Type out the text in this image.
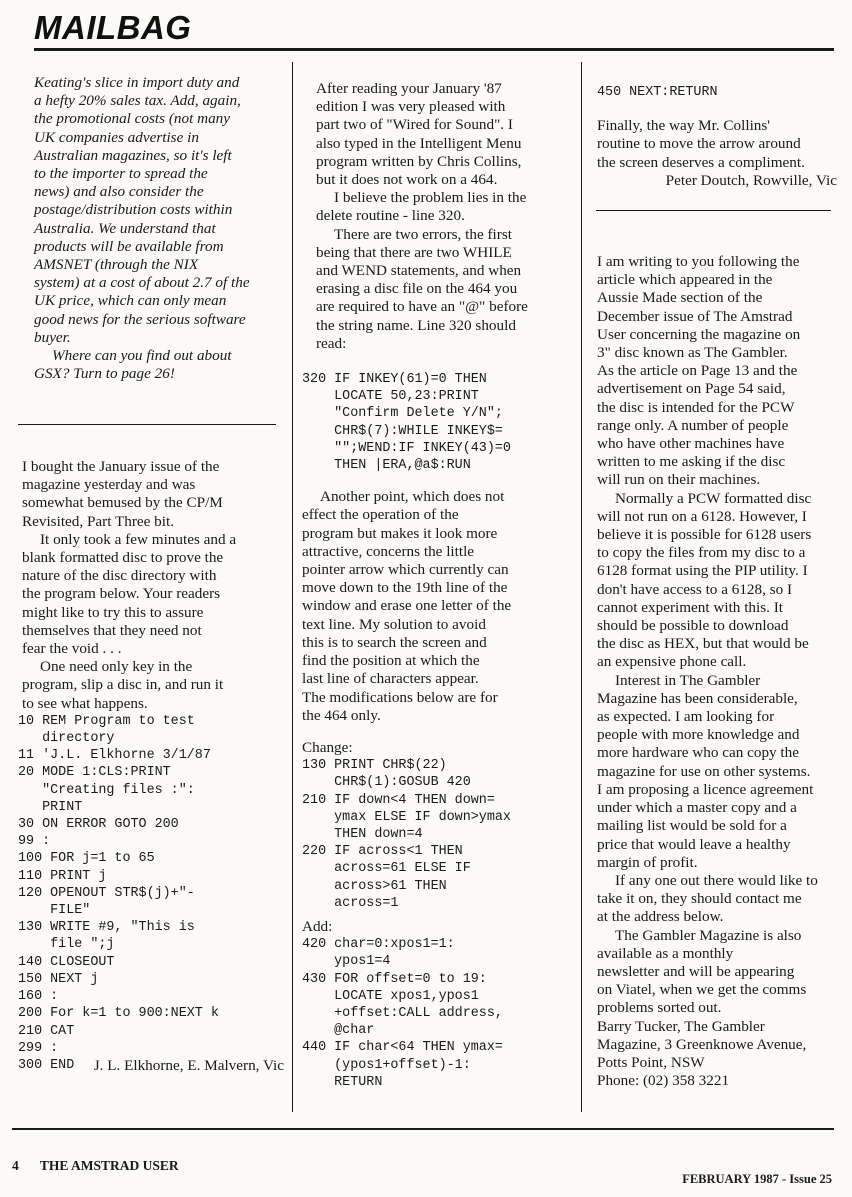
MAILBAG

Keating's slice in import duty and

a hefty 20% sales tax. Add, again,

the promotional costs (not many

UK companies advertise in

Australian magazines, so it's left

to the importer to spread the

news) and also consider the

postage/distribution costs within

Australia. We understand that

products will be available from

AMSNET (through the NIX

system) at a cost of about 2.7 of the

UK price, which can only mean

good news for the serious software

buyer.

Where can you find out about

GSX? Turn to page 26!

I bought the January issue of the

magazine yesterday and was

somewhat bemused by the CP/M

Revisited, Part Three bit.

It only took a few minutes and a

blank formatted disc to prove the

nature of the disc directory with

the program below. Your readers

might like to try this to assure

themselves that they need not

fear the void . . .

One need only key in the

program, slip a disc in, and run it

to see what happens.

10 REM Program to test

directory

11 'J.L. Elkhorne 3/1/87

20 MODE 1:CLS:PRINT

"Creating files :":

PRINT

30 ON ERROR GOTO 200

99 :

100 FOR j=1 to 65

110 PRINT j

120 OPENOUT STR$(j)+"-

FILE"

130 WRITE #9, "This is

file ";j

140 CLOSEOUT

150 NEXT j

160 :

200 For k=1 to 900:NEXT k

210 CAT

299 :

300 END	J. L. Elkhorne, E. Malvern, Vic

After reading your January '87

edition I was very pleased with

part two of "Wired for Sound". I

also typed in the Intelligent Menu

program written by Chris Collins,

but it does not work on a 464.

I believe the problem lies in the

delete routine - line 320.

There are two errors, the first

being that there are two WHILE

and WEND statements, and when

erasing a disc file on the 464 you

are required to have an "@" before

the string name. Line 320 should

read:

320 IF INKEY(61)=0 THEN

LOCATE 50,23:PRINT

"Confirm Delete Y/N";

CHR$(7):WHILE INKEY$=

"";WEND:IF INKEY(43)=0

THEN |ERA,@a$:RUN

Another point, which does not

effect the operation of the

program but makes it look more

attractive, concerns the little

pointer arrow which currently can

move down to the 19th line of the

window and erase one letter of the

text line. My solution to avoid

this is to search the screen and

find the position at which the

last line of characters appear.

The modifications below are for

the 464 only.

Change:

130 PRINT CHR$(22)

CHR$(1):GOSUB 420

210 IF down<4 THEN down=

ymax ELSE IF down>ymax

THEN down=4

220 IF across<1 THEN

across=61 ELSE IF

across>61 THEN

across=1

Add:

420 char=0:xpos1=1:

ypos1=4

430 FOR offset=0 to 19:

LOCATE xpos1,ypos1

+offset:CALL address,

@char

440 IF char<64 THEN ymax=

(ypos1+offset)-1:

RETURN

450 NEXT:RETURN

Finally, the way Mr. Collins'

routine to move the arrow around

the screen deserves a compliment.

Peter Doutch, Rowville, Vic

I am writing to you following the

article which appeared in the

Aussie Made section of the

December issue of The Amstrad

User concerning the magazine on

3" disc known as The Gambler.

As the article on Page 13 and the

advertisement on Page 54 said,

the disc is intended for the PCW

range only. A number of people

who have other machines have

written to me asking if the disc

will run on their machines.

Normally a PCW formatted disc

will not run on a 6128. However, I

believe it is possible for 6128 users

to copy the files from my disc to a

6128 format using the PIP utility. I

don't have access to a 6128, so I

cannot experiment with this. It

should be possible to download

the disc as HEX, but that would be

an expensive phone call.

Interest in The Gambler

Magazine has been considerable,

as expected. I am looking for

people with more knowledge and

more hardware who can copy the

magazine for use on other systems.

I am proposing a licence agreement

under which a master copy and a

mailing list would be sold for a

price that would leave a healthy

margin of profit.

If any one out there would like to

take it on, they should contact me

at the address below.

The Gambler Magazine is also

available as a monthly

newsletter and will be appearing

on Viatel, when we get the comms

problems sorted out.

Barry Tucker, The Gambler

Magazine, 3 Greenknowe Avenue,

Potts Point, NSW

Phone: (02) 358 3221

4 THE AMSTRAD USER
FEBRUARY 1987 - Issue 25
